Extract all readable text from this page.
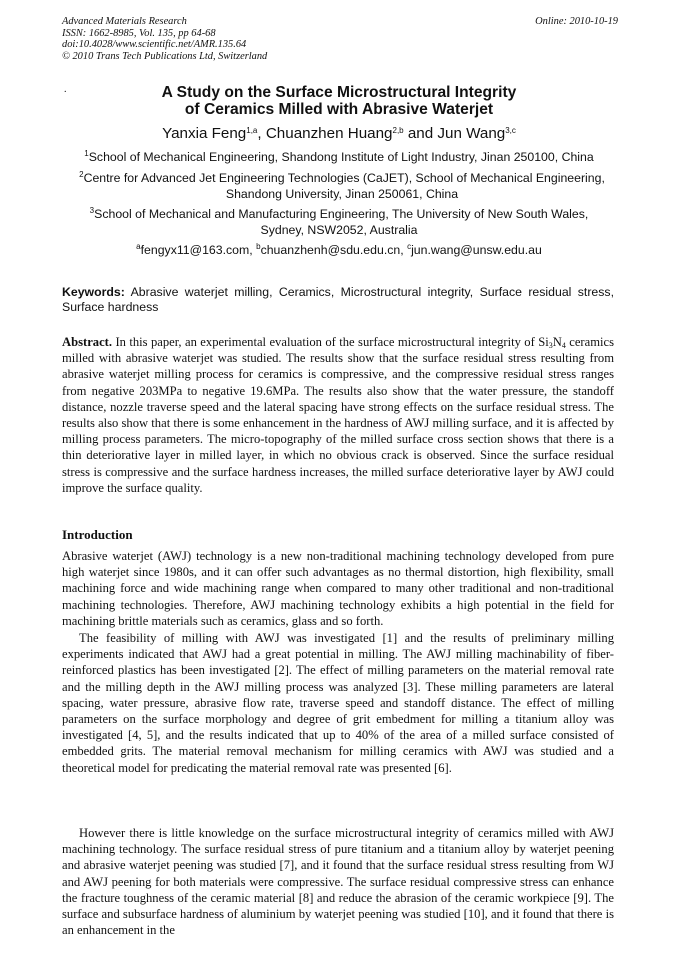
Advanced Materials Research
ISSN: 1662-8985, Vol. 135, pp 64-68
doi:10.4028/www.scientific.net/AMR.135.64
© 2010 Trans Tech Publications Ltd, Switzerland
Online: 2010-10-19
.	A Study on the Surface Microstructural Integrity
of Ceramics Milled with Abrasive Waterjet
Yanxia Feng$^{1,a}$, Chuanzhen Huang$^{2,b}$ and Jun Wang$^{3,c}$
$^1$School of Mechanical Engineering, Shandong Institute of Light Industry, Jinan 250100, China
$^2$Centre for Advanced Jet Engineering Technologies (CaJET), School of Mechanical Engineering, Shandong University, Jinan 250061, China
$^3$School of Mechanical and Manufacturing Engineering, The University of New South Wales, Sydney, NSW2052, Australia
$^a$fengyx11@163.com, $^b$chuanzhenh@sdu.edu.cn, $^c$jun.wang@unsw.edu.au
Keywords: Abrasive waterjet milling, Ceramics, Microstructural integrity, Surface residual stress, Surface hardness
Abstract. In this paper, an experimental evaluation of the surface microstructural integrity of $Si_3N_4$ ceramics milled with abrasive waterjet was studied. The results show that the surface residual stress resulting from abrasive waterjet milling process for ceramics is compressive, and the compressive residual stress ranges from negative 203MPa to negative 19.6MPa. The results also show that the water pressure, the standoff distance, nozzle traverse speed and the lateral spacing have strong effects on the surface residual stress. The results also show that there is some enhancement in the hardness of AWJ milling surface, and it is affected by milling process parameters. The micro-topography of the milled surface cross section shows that there is a thin deteriorative layer in milled layer, in which no obvious crack is observed. Since the surface residual stress is compressive and the surface hardness increases, the milled surface deteriorative layer by AWJ could improve the surface quality.
Introduction
Abrasive waterjet (AWJ) technology is a new non-traditional machining technology developed from pure high waterjet since 1980s, and it can offer such advantages as no thermal distortion, high flexibility, small machining force and wide machining range when compared to many other traditional and non-traditional machining technologies. Therefore, AWJ machining technology exhibits a high potential in the field for machining brittle materials such as ceramics, glass and so forth.
The feasibility of milling with AWJ was investigated [1] and the results of preliminary milling experiments indicated that AWJ had a great potential in milling. The AWJ milling machinability of fiber-reinforced plastics has been investigated [2]. The effect of milling parameters on the material removal rate and the milling depth in the AWJ milling process was analyzed [3]. These milling parameters are lateral spacing, water pressure, abrasive flow rate, traverse speed and standoff distance. The effect of milling parameters on the surface morphology and degree of grit embedment for milling a titanium alloy was investigated [4, 5], and the results indicated that up to 40% of the area of a milled surface consisted of embedded grits. The material removal mechanism for milling ceramics with AWJ was studied and a theoretical model for predicating the material removal rate was presented [6].
However there is little knowledge on the surface microstructural integrity of ceramics milled with AWJ machining technology. The surface residual stress of pure titanium and a titanium alloy by waterjet peening and abrasive waterjet peening was studied [7], and it found that the surface residual stress resulting from WJ and AWJ peening for both materials were compressive. The surface residual compressive stress can enhance the fracture toughness of the ceramic material [8] and reduce the abrasion of the ceramic workpiece [9]. The surface and subsurface hardness of aluminium by waterjet peening was studied [10], and it found that there is an enhancement in the
